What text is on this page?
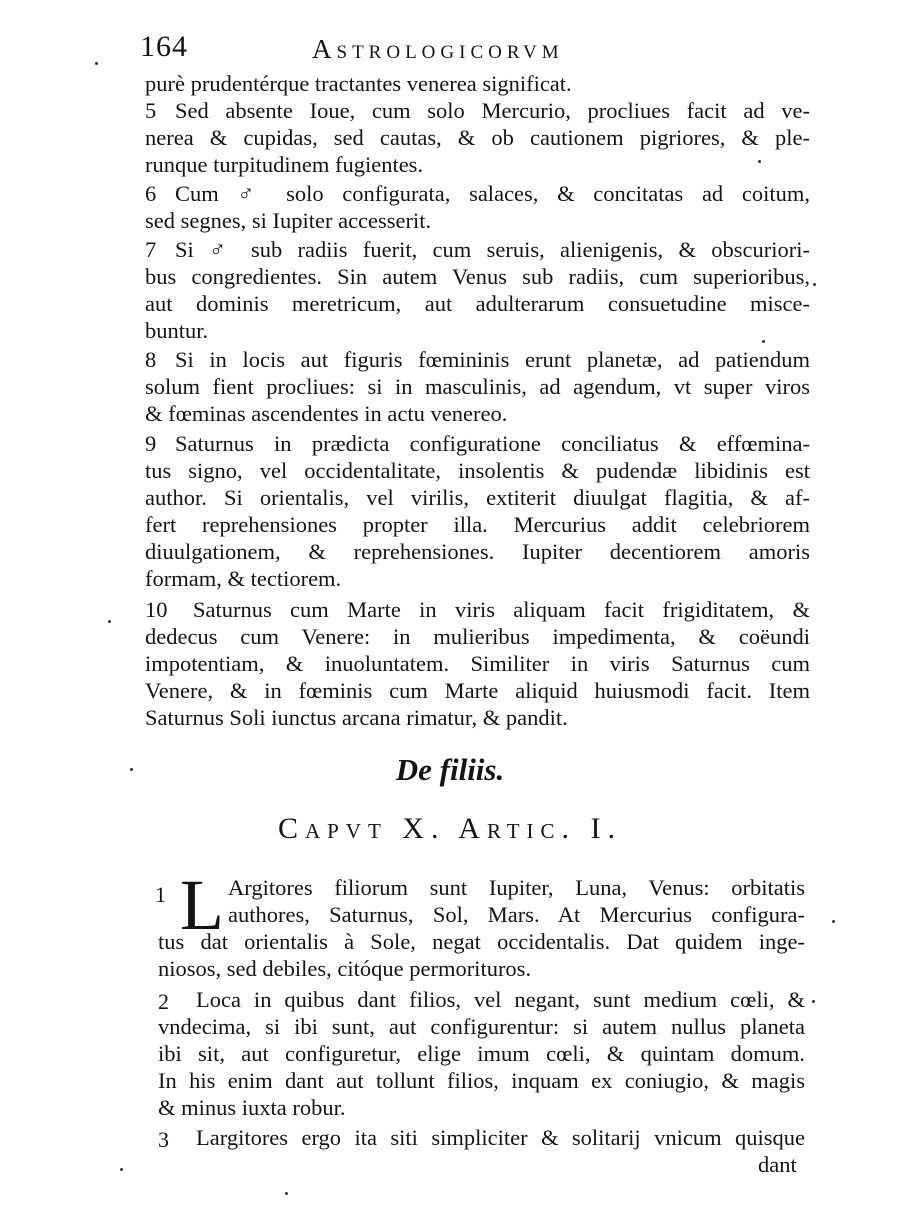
164	Astrologicorvm
purè prudentérque tractantes venerea significat.
5 Sed absente Ioue, cum solo Mercurio, procliues facit ad ve-
nerea & cupidas, sed cautas, & ob cautionem pigriores, & ple-
runque turpitudinem fugientes.
6 Cum ♂ solo configurata, salaces, & concitatas ad coitum,
sed segnes, si Iupiter accesserit.
7 Si ♂ sub radiis fuerit, cum seruis, alienigenis, & obscuriori-
bus congredientes. Sin autem Venus sub radiis, cum superioribus,
aut dominis meretricum, aut adulterarum consuetudine misce-
buntur.
8 Si in locis aut figuris fœmininis erunt planetæ, ad patiendum
solum fient procliues: si in masculinis, ad agendum, vt super viros
& fœminas ascendentes in actu venereo.
9 Saturnus in prædicta configuratione conciliatus & effœmina-
tus signo, vel occidentalitate, insolentis & pudendæ libidinis est
author. Si orientalis, vel virilis, extiterit diuulgat flagitia, & af-
fert reprehensiones propter illa. Mercurius addit celebriorem
diuulgationem, & reprehensiones. Iupiter decentiorem amoris
formam, & tectiorem.
10 Saturnus cum Marte in viris aliquam facit frigiditatem, &
dedecus cum Venere: in mulieribus impedimenta, & coëundi
impotentiam, & inuoluntatem. Similiter in viris Saturnus cum
Venere, & in fœminis cum Marte aliquid huiusmodi facit. Item
Saturnus Soli iunctus arcana rimatur, & pandit.
De filiis.
Capvt X. Artic. I.
1 L Argitores filiorum sunt Iupiter, Luna, Venus: orbitatis
authores, Saturnus, Sol, Mars. At Mercurius configura-
tus dat orientalis à Sole, negat occidentalis. Dat quidem inge-
niosos, sed debiles, citóque permorituros.
2 Loca in quibus dant filios, vel negant, sunt medium cœli, &
vndecima, si ibi sunt, aut configurentur: si autem nullus planeta
ibi sit, aut configuretur, elige imum cœli, & quintam domum.
In his enim dant aut tollunt filios, inquam ex coniugio, & magis
& minus iuxta robur.
3 Largitores ergo ita siti simpliciter & solitarij vnicum quisque
dant
